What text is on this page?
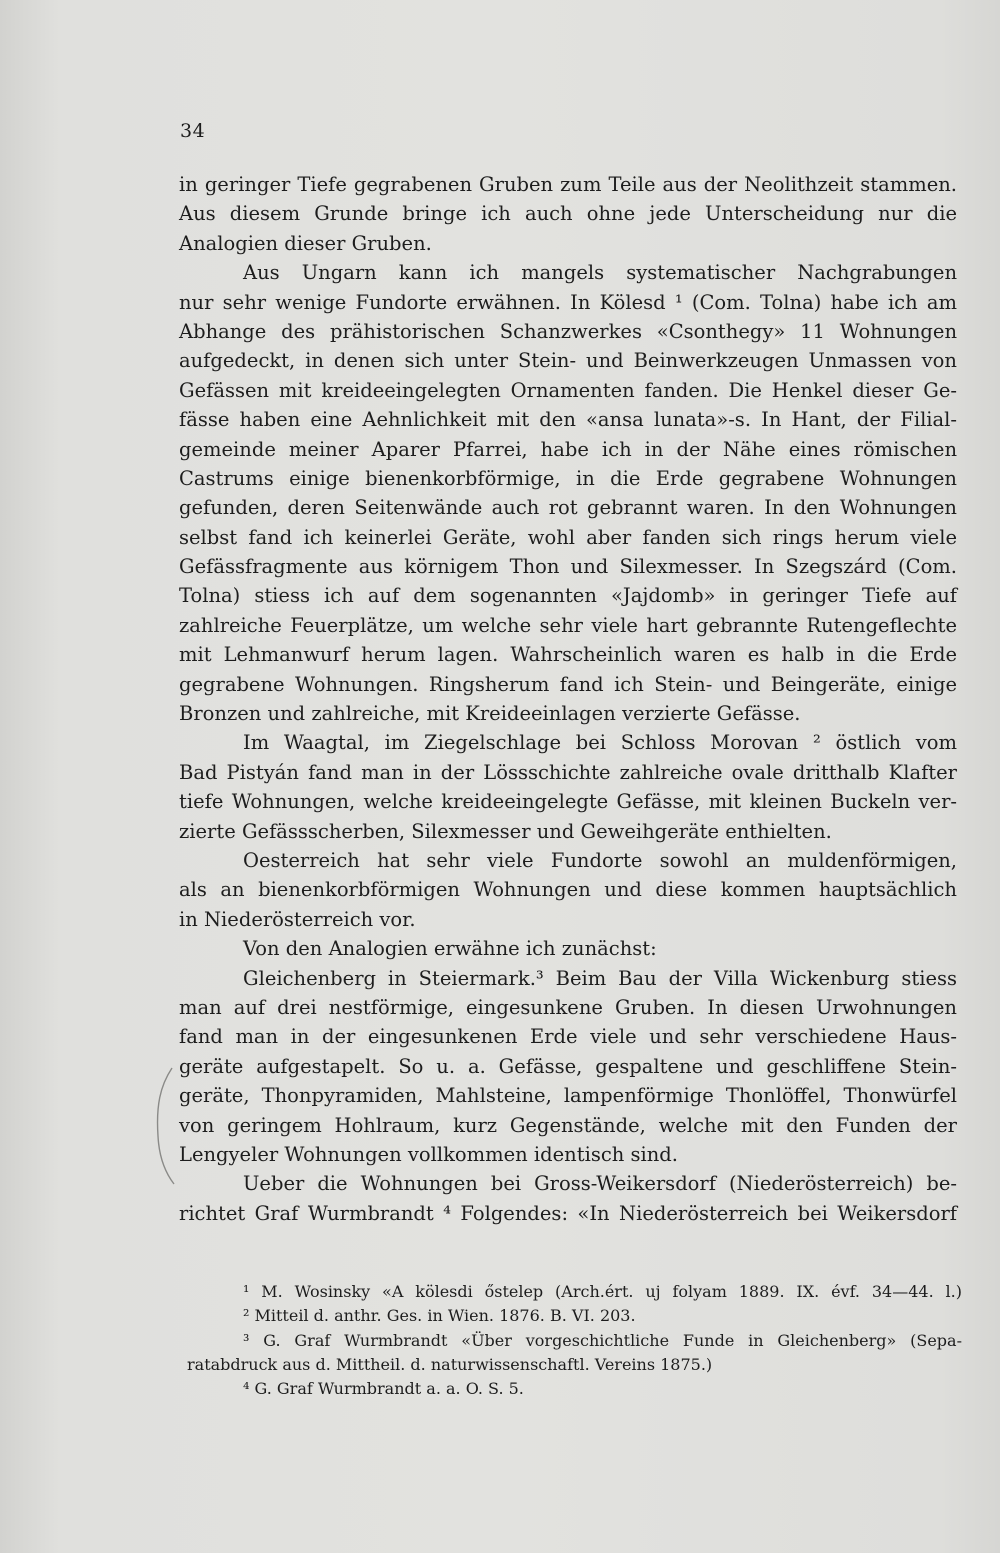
34
in geringer Tiefe gegrabenen Gruben zum Teile aus der Neolithzeit stammen.
Aus diesem Grunde bringe ich auch ohne jede Unterscheidung nur die
Analogien dieser Gruben.
Aus Ungarn kann ich mangels systematischer Nachgrabungen
nur sehr wenige Fundorte erwähnen. In Kölesd ¹ (Com. Tolna) habe ich am
Abhange des prähistorischen Schanzwerkes «Csonthegy» 11 Wohnungen
aufgedeckt, in denen sich unter Stein- und Beinwerkzeugen Unmassen von
Gefässen mit kreideeingelegten Ornamenten fanden. Die Henkel dieser Ge-
fässe haben eine Aehnlichkeit mit den «ansa lunata»-s. In Hant, der Filial-
gemeinde meiner Aparer Pfarrei, habe ich in der Nähe eines römischen
Castrums einige bienenkorbförmige, in die Erde gegrabene Wohnungen
gefunden, deren Seitenwände auch rot gebrannt waren. In den Wohnungen
selbst fand ich keinerlei Geräte, wohl aber fanden sich rings herum viele
Gefässfragmente aus körnigem Thon und Silexmesser. In Szegszárd (Com.
Tolna) stiess ich auf dem sogenannten «Jajdomb» in geringer Tiefe auf
zahlreiche Feuerplätze, um welche sehr viele hart gebrannte Rutengeflechte
mit Lehmanwurf herum lagen. Wahrscheinlich waren es halb in die Erde
gegrabene Wohnungen. Ringsherum fand ich Stein- und Beingeräte, einige
Bronzen und zahlreiche, mit Kreideeinlagen verzierte Gefässe.
Im Waagtal, im Ziegelschlage bei Schloss Morovan ² östlich vom
Bad Pistyán fand man in der Lössschichte zahlreiche ovale dritthalb Klafter
tiefe Wohnungen, welche kreideeingelegte Gefässe, mit kleinen Buckeln ver-
zierte Gefässscherben, Silexmesser und Geweihgeräte enthielten.
Oesterreich hat sehr viele Fundorte sowohl an muldenförmigen,
als an bienenkorbförmigen Wohnungen und diese kommen hauptsächlich
in Niederösterreich vor.
Von den Analogien erwähne ich zunächst:
Gleichenberg in Steiermark.³ Beim Bau der Villa Wickenburg stiess
man auf drei nestförmige, eingesunkene Gruben. In diesen Urwohnungen
fand man in der eingesunkenen Erde viele und sehr verschiedene Haus-
geräte aufgestapelt. So u. a. Gefässe, gespaltene und geschliffene Stein-
geräte, Thonpyramiden, Mahlsteine, lampenförmige Thonlöffel, Thonwürfel
von geringem Hohlraum, kurz Gegenstände, welche mit den Funden der
Lengyeler Wohnungen vollkommen identisch sind.
Ueber die Wohnungen bei Gross-Weikersdorf (Niederösterreich) be-
richtet Graf Wurmbrandt ⁴ Folgendes: «In Niederösterreich bei Weikersdorf
¹ M. Wosinsky «A kölesdi őstelep (Arch.ért. uj folyam 1889. IX. évf. 34—44. l.)
² Mitteil d. anthr. Ges. in Wien. 1876. B. VI. 203.
³ G. Graf Wurmbrandt «Über vorgeschichtliche Funde in Gleichenberg» (Sepa-
ratabdruck aus d. Mittheil. d. naturwissenschaftl. Vereins 1875.)
⁴ G. Graf Wurmbrandt a. a. O. S. 5.
